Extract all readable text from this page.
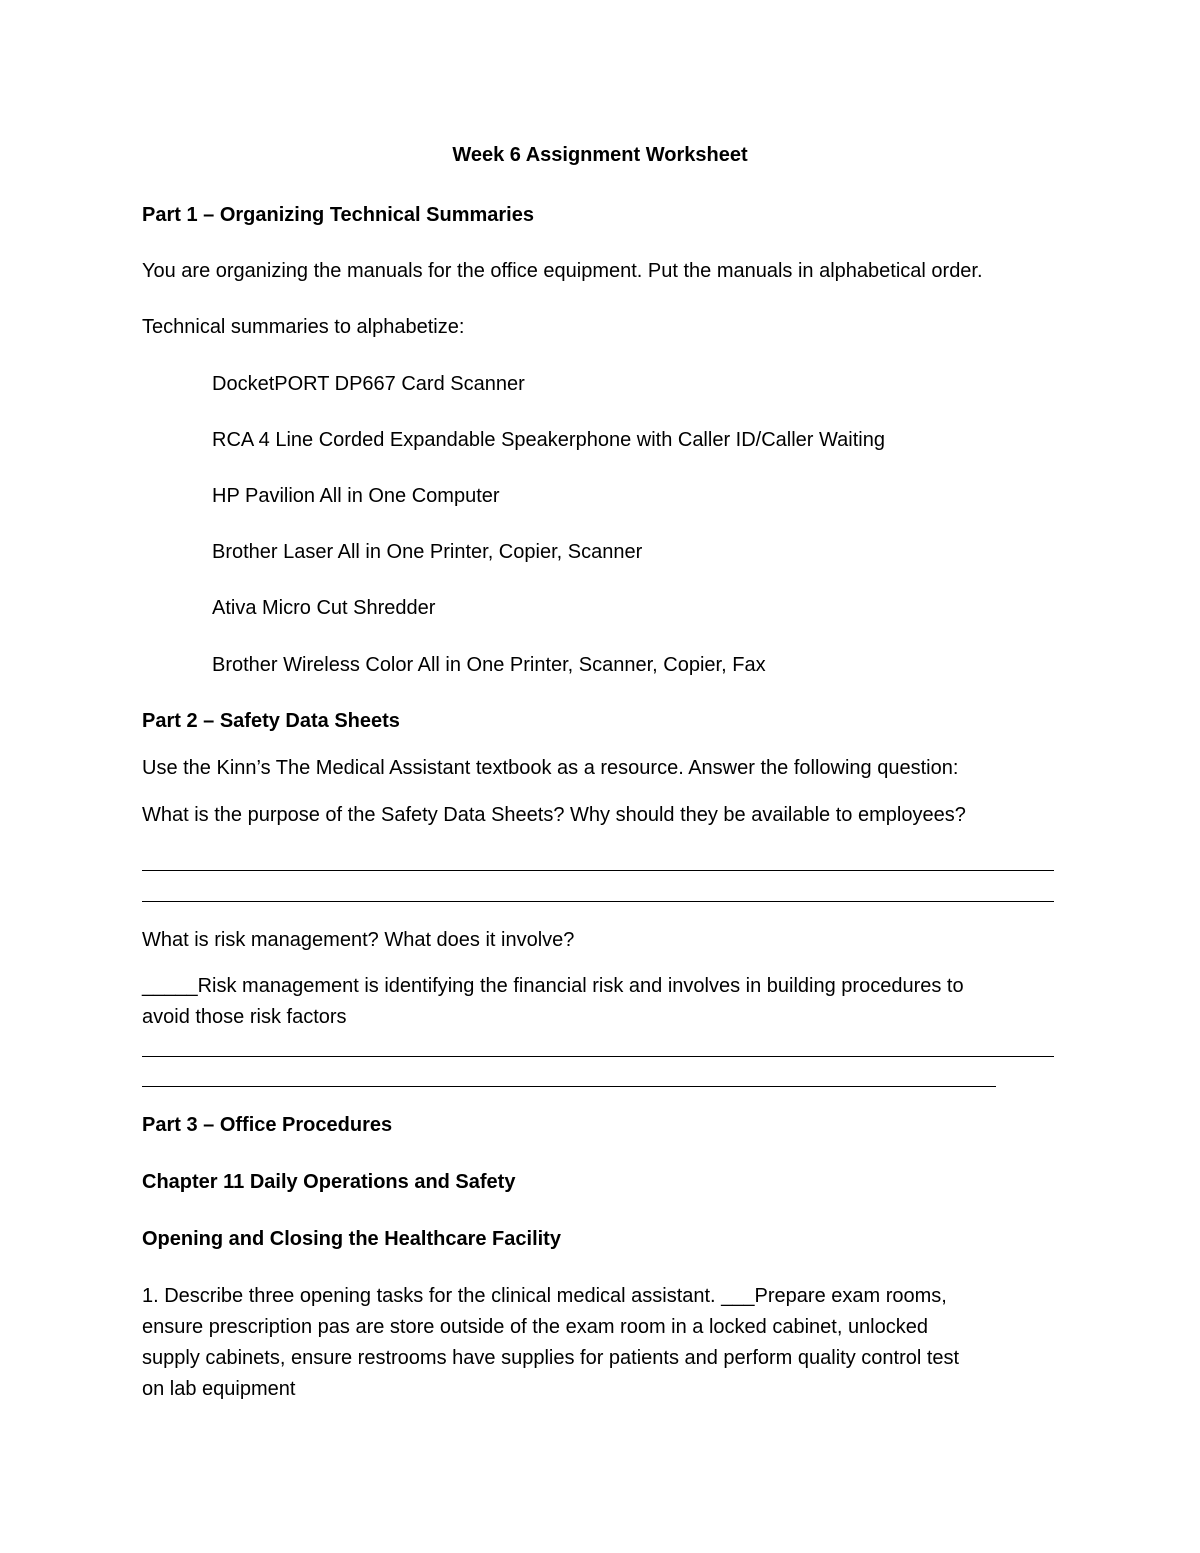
Week 6 Assignment Worksheet
Part 1 – Organizing Technical Summaries
You are organizing the manuals for the office equipment. Put the manuals in alphabetical order.
Technical summaries to alphabetize:
DocketPORT DP667 Card Scanner
RCA 4 Line Corded Expandable Speakerphone with Caller ID/Caller Waiting
HP Pavilion All in One Computer
Brother Laser All in One Printer, Copier, Scanner
Ativa Micro Cut Shredder
Brother Wireless Color All in One Printer, Scanner, Copier, Fax
Part 2 – Safety Data Sheets
Use the Kinn’s The Medical Assistant textbook as a resource. Answer the following question:
What is the purpose of the Safety Data Sheets? Why should they be available to employees?
What is risk management? What does it involve?
_____Risk management is identifying the financial risk and involves in building procedures to
avoid those risk factors
Part 3 – Office Procedures
Chapter 11 Daily Operations and Safety
Opening and Closing the Healthcare Facility
1. Describe three opening tasks for the clinical medical assistant. ___Prepare exam rooms,
ensure prescription pas are store outside of the exam room in a locked cabinet, unlocked
supply cabinets, ensure restrooms have supplies for patients and perform quality control test
on lab equipment
